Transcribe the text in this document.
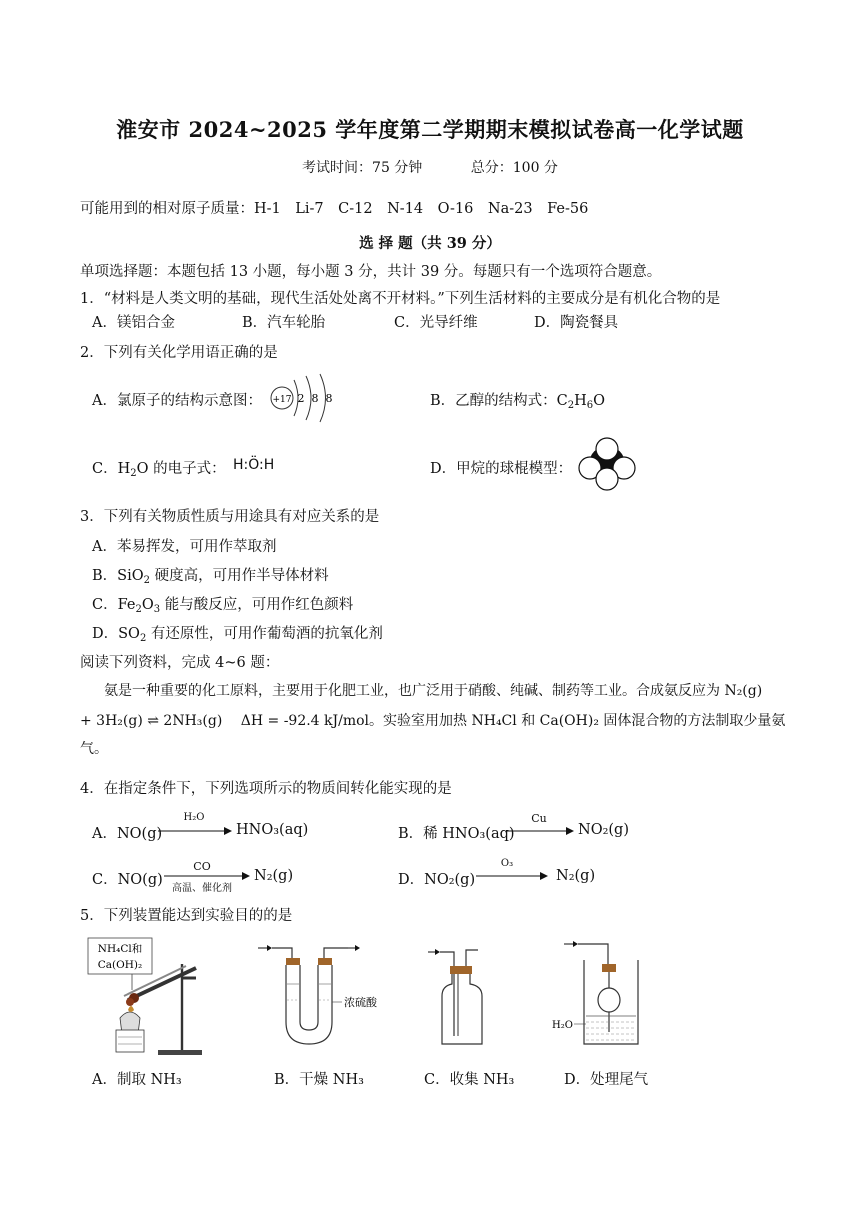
淮安市 2024~2025 学年度第二学期期末模拟试卷高一化学试题
考试时间：75 分钟	总分：100 分
可能用到的相对原子质量：H-1　Li-7　C-12　N-14　O-16　Na-23　Fe-56
选 择 题（共 39 分）
单项选择题：本题包括 13 小题，每小题 3 分，共计 39 分。每题只有一个选项符合题意。
1．“材料是人类文明的基础，现代生活处处离不开材料。”下列生活材料的主要成分是有机化合物的是
A．镁铝合金	B．汽车轮胎	C．光导纤维	D．陶瓷餐具
2．下列有关化学用语正确的是
A．氯原子的结构示意图： +17 2 8 8	B．乙醇的结构式：$C_2H_6O$
C．$H_2O$ 的电子式： H:Ö:H	D．甲烷的球棍模型：
3．下列有关物质性质与用途具有对应关系的是
A．苯易挥发，可用作萃取剂
B．SiO$_2$ 硬度高，可用作半导体材料
C．$Fe_2O_3$ 能与酸反应，可用作红色颜料
D．$SO_2$ 有还原性，可用作葡萄酒的抗氧化剂
阅读下列资料，完成 4~6 题：
氨是一种重要的化工原料，主要用于化肥工业，也广泛用于硝酸、纯碱、制药等工业。合成氨反应为 N₂(g)
+ 3H₂(g) ⇌ 2NH₃(g)　 ΔH = -92.4 kJ/mol。实验室用加热 NH₄Cl 和 Ca(OH)₂ 固体混合物的方法制取少量氨
气。
4．在指定条件下，下列选项所示的物质间转化能实现的是
A．NO(g)
H₂O
HNO₃(aq)	B．稀 HNO₃(aq)
Cu
NO₂(g)
C．NO(g)
CO
高温、催化剂
N₂(g)	D．NO₂(g)
O₃
N₂(g)
5．下列装置能达到实验目的的是
NH₄Cl和
Ca(OH)₂
浓硫酸
H₂O
A．制取 NH₃	B．干燥 NH₃	C．收集 NH₃	D．处理尾气
